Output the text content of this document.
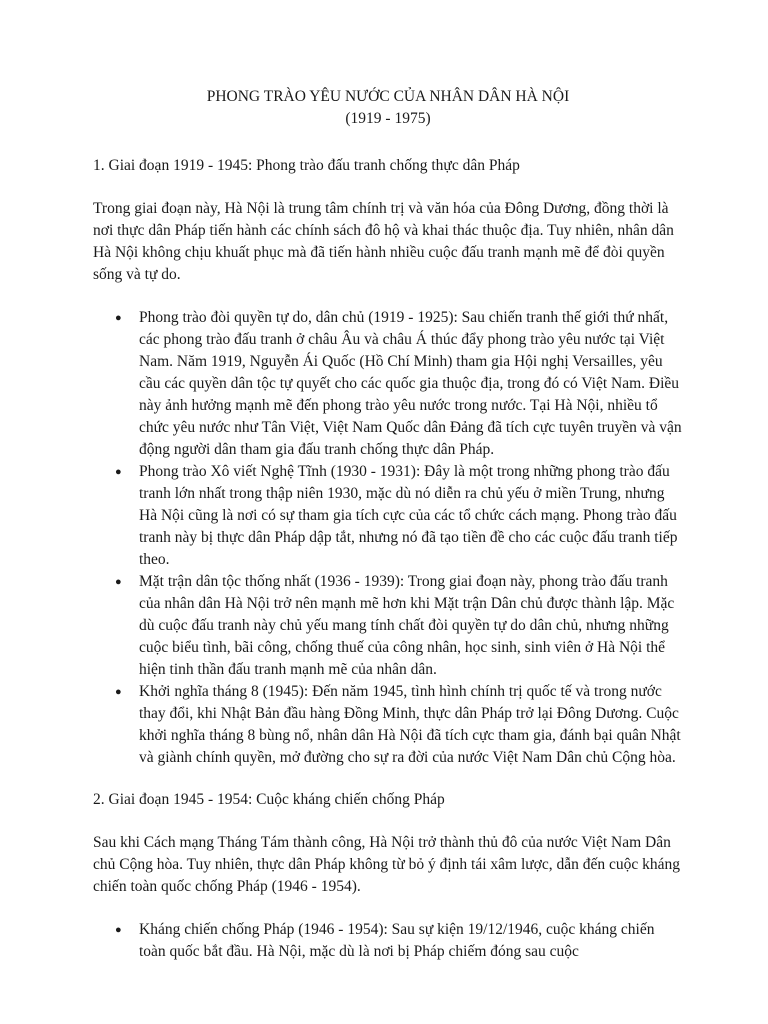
PHONG TRÀO YÊU NƯỚC CỦA NHÂN DÂN HÀ NỘI
(1919 - 1975)

1. Giai đoạn 1919 - 1945: Phong trào đấu tranh chống thực dân Pháp

Trong giai đoạn này, Hà Nội là trung tâm chính trị và văn hóa của Đông Dương, đồng thời là nơi thực dân Pháp tiến hành các chính sách đô hộ và khai thác thuộc địa. Tuy nhiên, nhân dân Hà Nội không chịu khuất phục mà đã tiến hành nhiều cuộc đấu tranh mạnh mẽ để đòi quyền sống và tự do.

● Phong trào đòi quyền tự do, dân chủ (1919 - 1925): Sau chiến tranh thế giới thứ nhất, các phong trào đấu tranh ở châu Âu và châu Á thúc đẩy phong trào yêu nước tại Việt Nam. Năm 1919, Nguyễn Ái Quốc (Hồ Chí Minh) tham gia Hội nghị Versailles, yêu cầu các quyền dân tộc tự quyết cho các quốc gia thuộc địa, trong đó có Việt Nam. Điều này ảnh hưởng mạnh mẽ đến phong trào yêu nước trong nước. Tại Hà Nội, nhiều tổ chức yêu nước như Tân Việt, Việt Nam Quốc dân Đảng đã tích cực tuyên truyền và vận động người dân tham gia đấu tranh chống thực dân Pháp.
● Phong trào Xô viết Nghệ Tĩnh (1930 - 1931): Đây là một trong những phong trào đấu tranh lớn nhất trong thập niên 1930, mặc dù nó diễn ra chủ yếu ở miền Trung, nhưng Hà Nội cũng là nơi có sự tham gia tích cực của các tổ chức cách mạng. Phong trào đấu tranh này bị thực dân Pháp dập tắt, nhưng nó đã tạo tiền đề cho các cuộc đấu tranh tiếp theo.
● Mặt trận dân tộc thống nhất (1936 - 1939): Trong giai đoạn này, phong trào đấu tranh của nhân dân Hà Nội trở nên mạnh mẽ hơn khi Mặt trận Dân chủ được thành lập. Mặc dù cuộc đấu tranh này chủ yếu mang tính chất đòi quyền tự do dân chủ, nhưng những cuộc biểu tình, bãi công, chống thuế của công nhân, học sinh, sinh viên ở Hà Nội thể hiện tinh thần đấu tranh mạnh mẽ của nhân dân.
● Khởi nghĩa tháng 8 (1945): Đến năm 1945, tình hình chính trị quốc tế và trong nước thay đổi, khi Nhật Bản đầu hàng Đồng Minh, thực dân Pháp trở lại Đông Dương. Cuộc khởi nghĩa tháng 8 bùng nổ, nhân dân Hà Nội đã tích cực tham gia, đánh bại quân Nhật và giành chính quyền, mở đường cho sự ra đời của nước Việt Nam Dân chủ Cộng hòa.

2. Giai đoạn 1945 - 1954: Cuộc kháng chiến chống Pháp

Sau khi Cách mạng Tháng Tám thành công, Hà Nội trở thành thủ đô của nước Việt Nam Dân chủ Cộng hòa. Tuy nhiên, thực dân Pháp không từ bỏ ý định tái xâm lược, dẫn đến cuộc kháng chiến toàn quốc chống Pháp (1946 - 1954).

● Kháng chiến chống Pháp (1946 - 1954): Sau sự kiện 19/12/1946, cuộc kháng chiến toàn quốc bắt đầu. Hà Nội, mặc dù là nơi bị Pháp chiếm đóng sau cuộc
